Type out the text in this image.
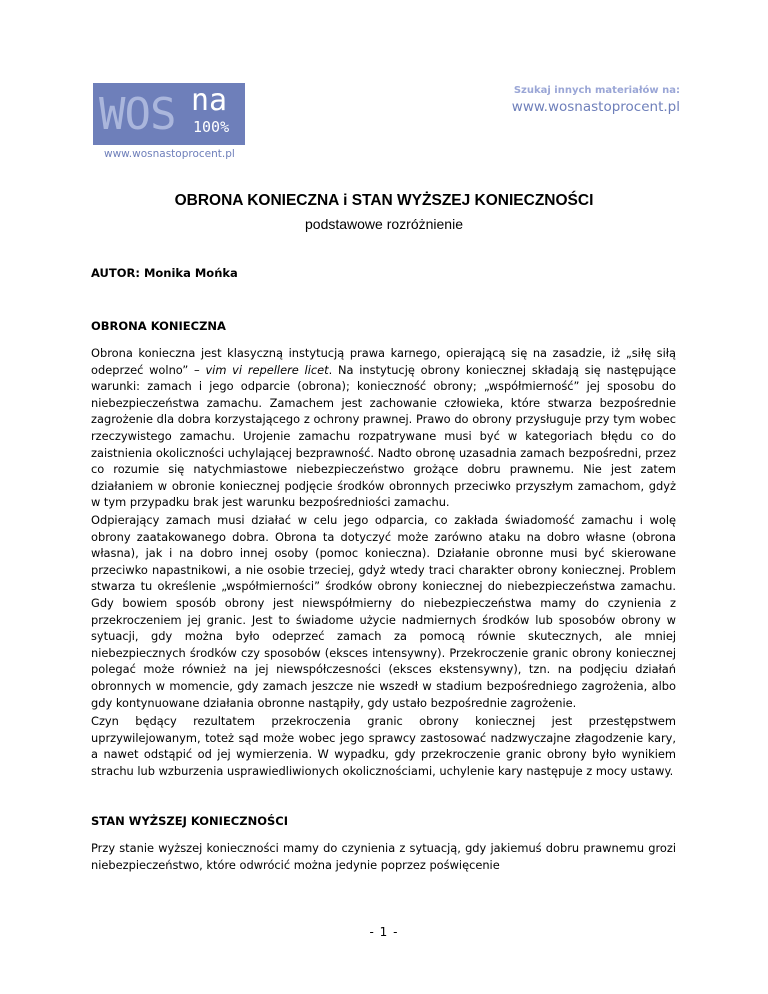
WOS na
100%
www.wosnastoprocent.pl
Szukaj innych materiałów na:
www.wosnastoprocent.pl
OBRONA KONIECZNA i STAN WYŻSZEJ KONIECZNOŚCI
podstawowe rozróżnienie
AUTOR: Monika Mońka
OBRONA KONIECZNA

Obrona konieczna jest klasyczną instytucją prawa karnego, opierającą się na zasadzie, iż „siłę siłą odeprzeć wolno” – vim vi repellere licet. Na instytucję obrony koniecznej składają się następujące warunki: zamach i jego odparcie (obrona); konieczność obrony; „współmierność” jej sposobu do niebezpieczeństwa zamachu. Zamachem jest zachowanie człowieka, które stwarza bezpośrednie zagrożenie dla dobra korzystającego z ochrony prawnej. Prawo do obrony przysługuje przy tym wobec rzeczywistego zamachu. Urojenie zamachu rozpatrywane musi być w kategoriach błędu co do zaistnienia okoliczności uchylającej bezprawność. Nadto obronę uzasadnia zamach bezpośredni, przez co rozumie się natychmiastowe niebezpieczeństwo grożące dobru prawnemu. Nie jest zatem działaniem w obronie koniecznej podjęcie środków obronnych przeciwko przyszłym zamachom, gdyż w tym przypadku brak jest warunku bezpośredniości zamachu.

Odpierający zamach musi działać w celu jego odparcia, co zakłada świadomość zamachu i wolę obrony zaatakowanego dobra. Obrona ta dotyczyć może zarówno ataku na dobro własne (obrona własna), jak i na dobro innej osoby (pomoc konieczna). Działanie obronne musi być skierowane przeciwko napastnikowi, a nie osobie trzeciej, gdyż wtedy traci charakter obrony koniecznej. Problem stwarza tu określenie „współmierności” środków obrony koniecznej do niebezpieczeństwa zamachu. Gdy bowiem sposób obrony jest niewspółmierny do niebezpieczeństwa mamy do czynienia z przekroczeniem jej granic. Jest to świadome użycie nadmiernych środków lub sposobów obrony w sytuacji, gdy można było odeprzeć zamach za pomocą równie skutecznych, ale mniej niebezpiecznych środków czy sposobów (eksces intensywny). Przekroczenie granic obrony koniecznej polegać może również na jej niewspółczesności (eksces ekstensywny), tzn. na podjęciu działań obronnych w momencie, gdy zamach jeszcze nie wszedł w stadium bezpośredniego zagrożenia, albo gdy kontynuowane działania obronne nastąpiły, gdy ustało bezpośrednie zagrożenie.

Czyn będący rezultatem przekroczenia granic obrony koniecznej jest przestępstwem uprzywilejowanym, toteż sąd może wobec jego sprawcy zastosować nadzwyczajne złagodzenie kary, a nawet odstąpić od jej wymierzenia. W wypadku, gdy przekroczenie granic obrony było wynikiem strachu lub wzburzenia usprawiedliwionych okolicznościami, uchylenie kary następuje z mocy ustawy.

STAN WYŻSZEJ KONIECZNOŚCI

Przy stanie wyższej konieczności mamy do czynienia z sytuacją, gdy jakiemuś dobru prawnemu grozi niebezpieczeństwo, które odwrócić można jedynie poprzez poświęcenie

- 1 -
